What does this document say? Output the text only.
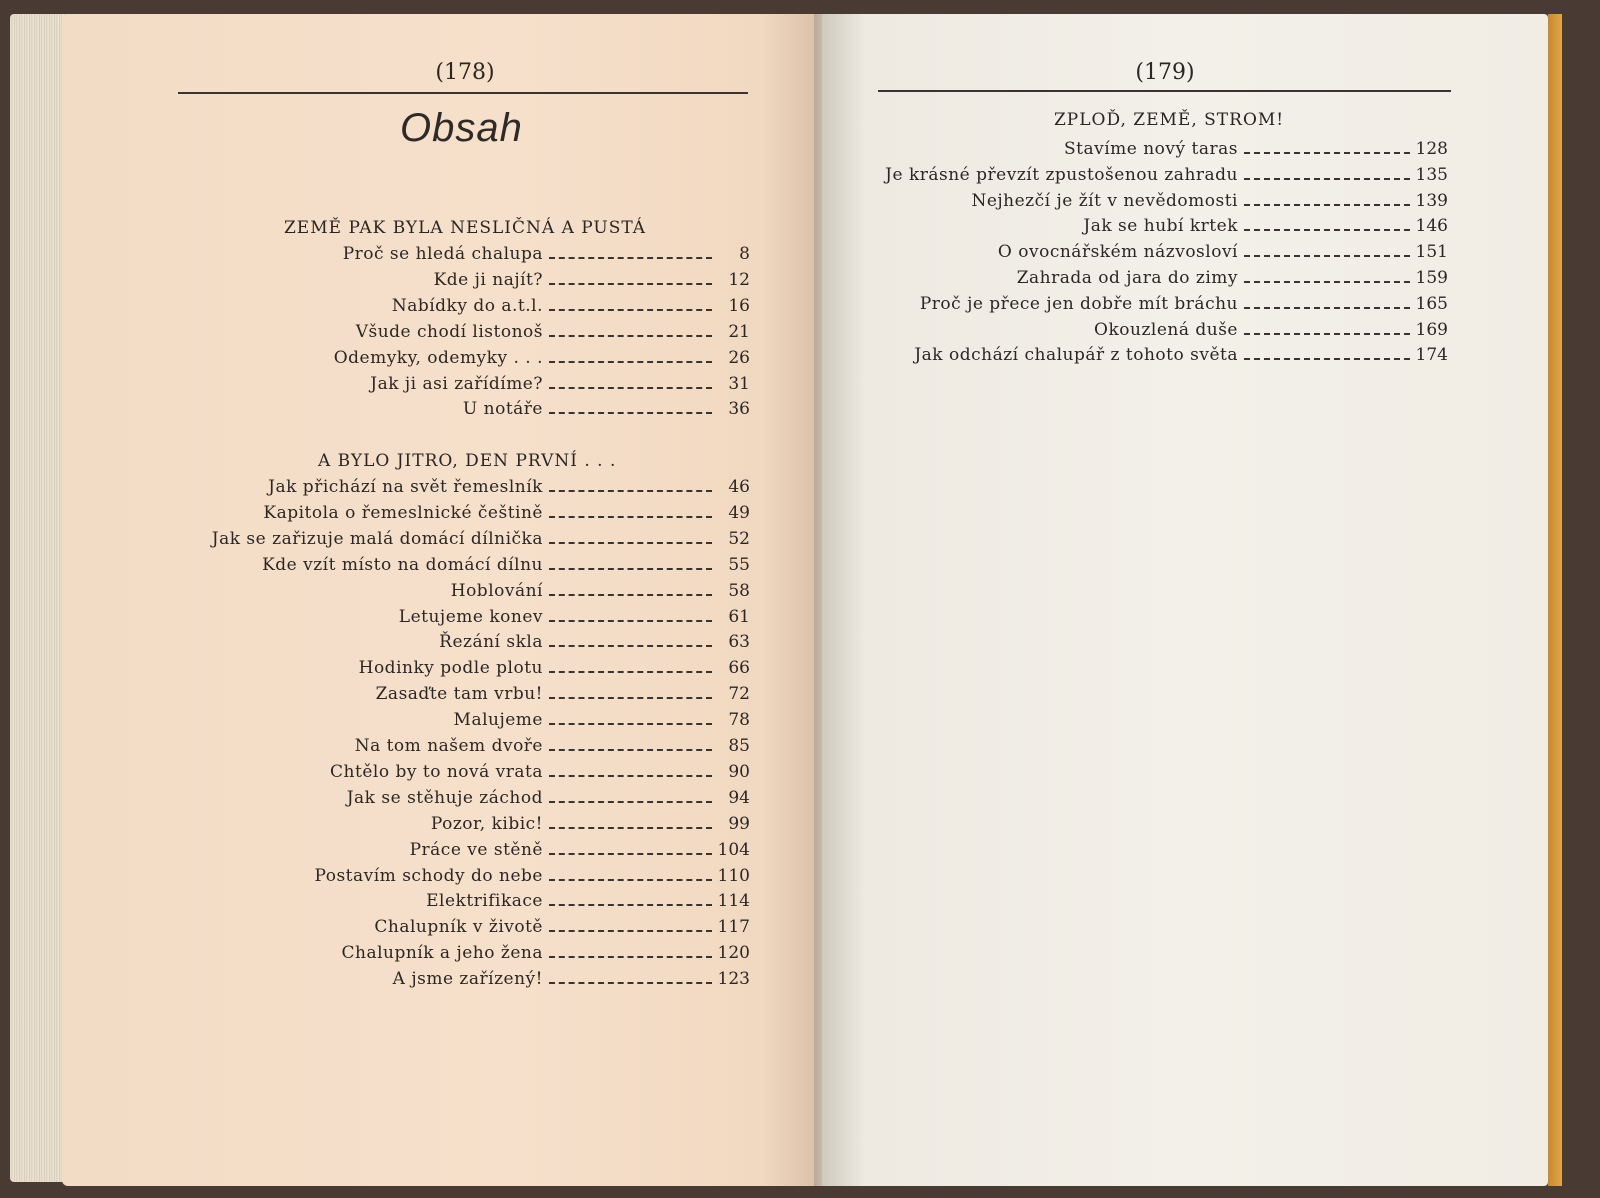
(178)
Obsah
(179)
ZEMĚ PAK BYLA NESLIČNÁ A PUSTÁ
Proč se hledá chalupa	8
Kde ji najít?	12
Nabídky do a.t.l.	16
Všude chodí listonoš	21
Odemyky, odemyky . . .	26
Jak ji asi zařídíme?	31
U notáře	36
A BYLO JITRO, DEN PRVNÍ . . .
Jak přichází na svět řemeslník	46
Kapitola o řemeslnické češtině	49
Jak se zařizuje malá domácí dílnička	52
Kde vzít místo na domácí dílnu	55
Hoblování	58
Letujeme konev	61
Řezání skla	63
Hodinky podle plotu	66
Zasaďte tam vrbu!	72
Malujeme	78
Na tom našem dvoře	85
Chtělo by to nová vrata	90
Jak se stěhuje záchod	94
Pozor, kibic!	99
Práce ve stěně	104
Postavím schody do nebe	110
Elektrifikace	114
Chalupník v životě	117
Chalupník a jeho žena	120
A jsme zařízený!	123
ZPLOĎ, ZEMĚ, STROM!
Stavíme nový taras	128
Je krásné převzít zpustošenou zahradu	135
Nejhezčí je žít v nevědomosti	139
Jak se hubí krtek	146
O ovocnářském názvosloví	151
Zahrada od jara do zimy	159
Proč je přece jen dobře mít bráchu	165
Okouzlená duše	169
Jak odchází chalupář z tohoto světa	174
